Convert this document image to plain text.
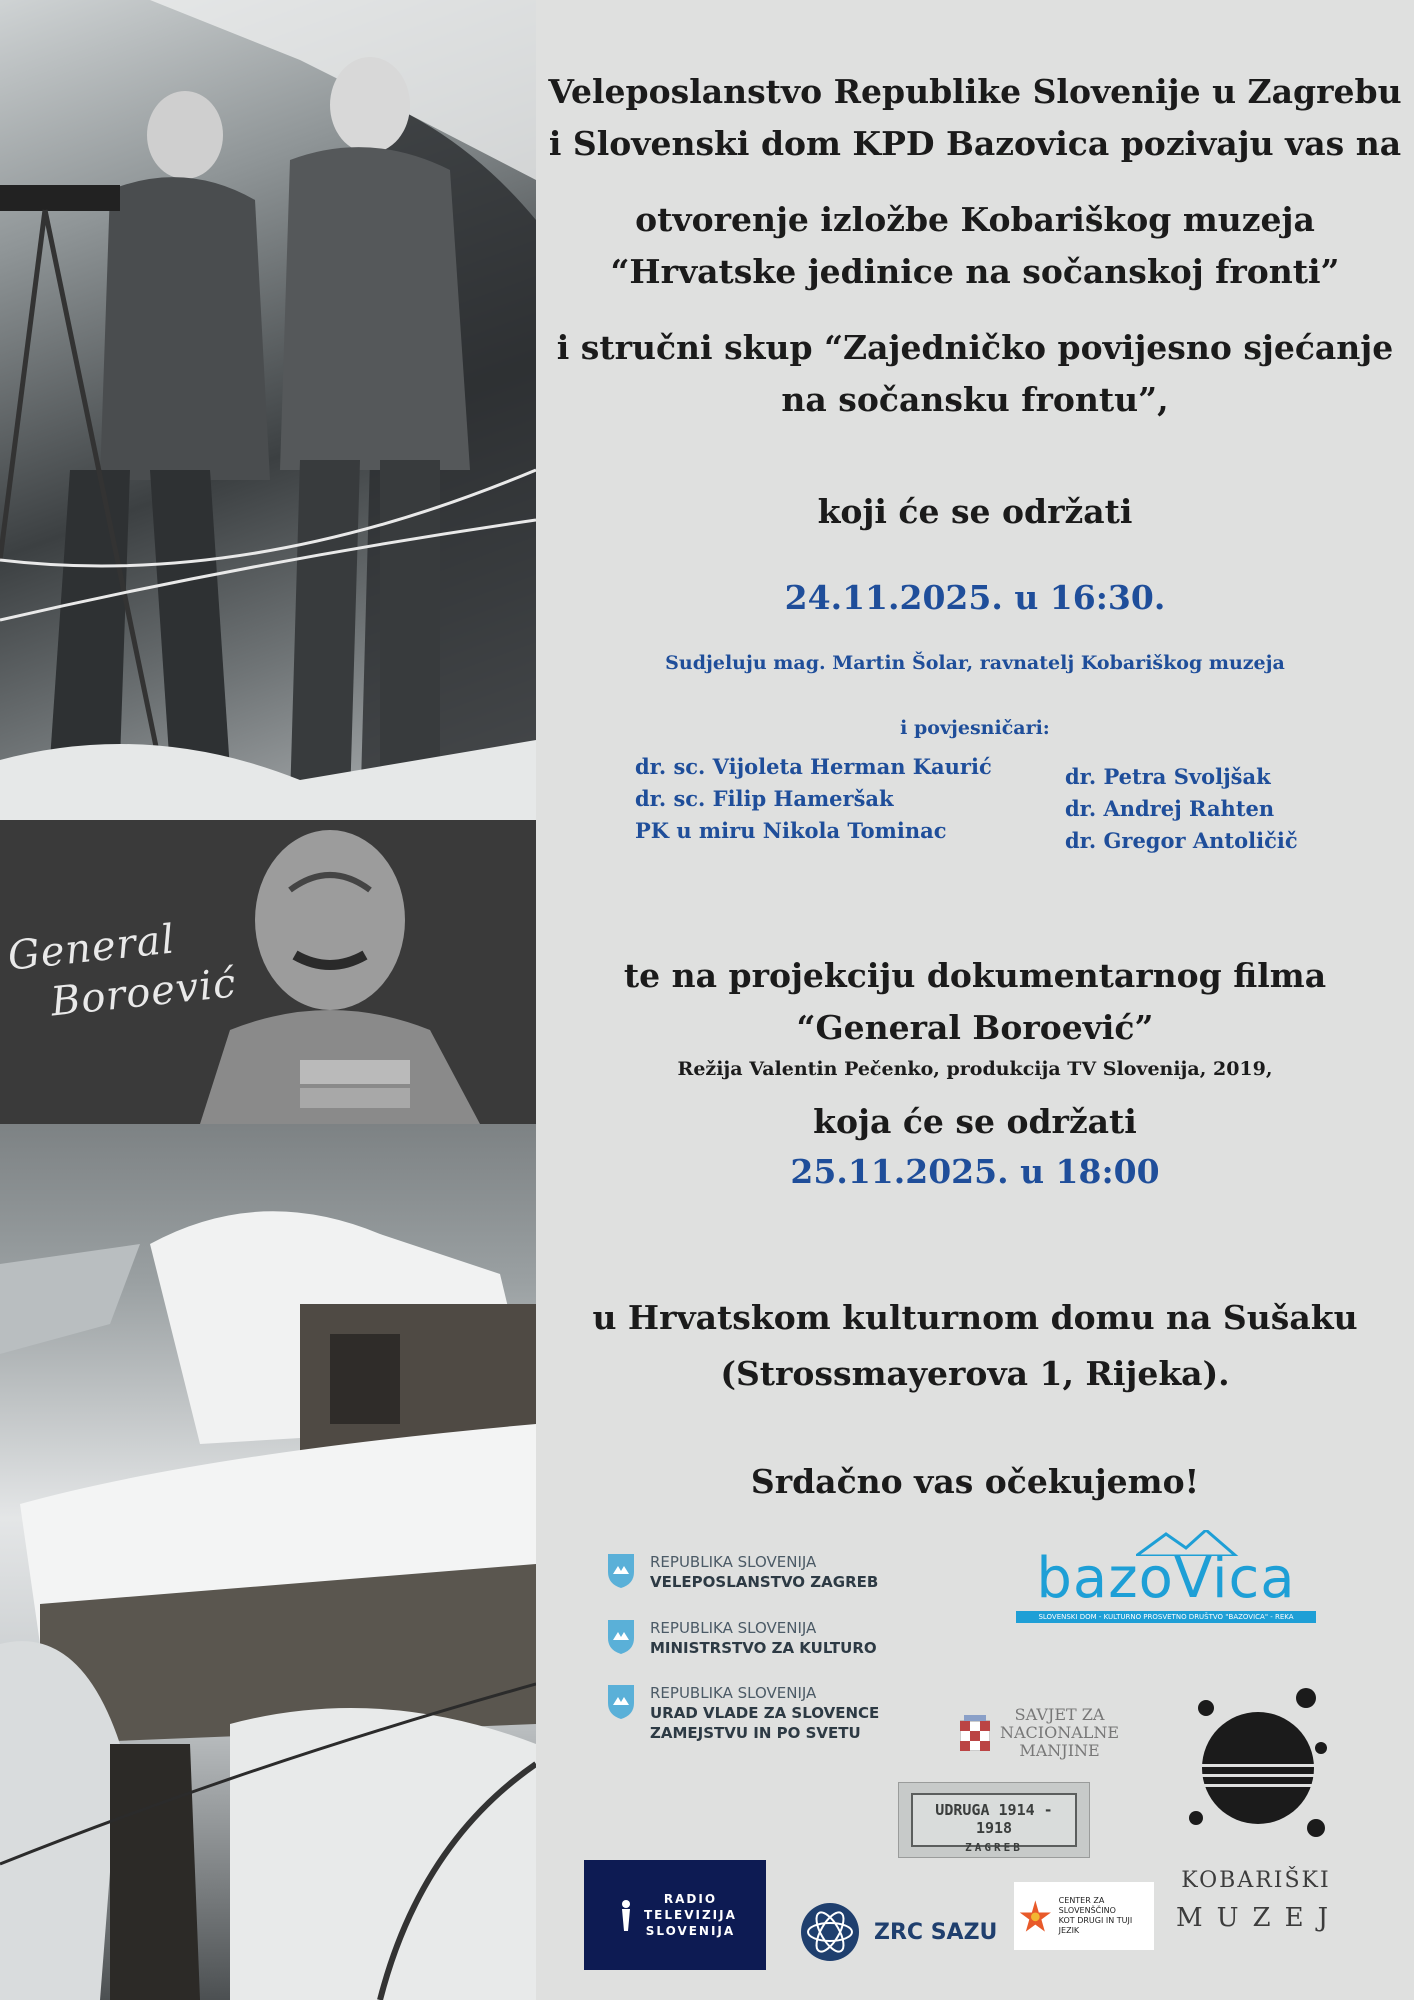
General
Boroević
Veleposlanstvo Republike Slovenije u Zagrebu
i Slovenski dom KPD Bazovica pozivaju vas na
otvorenje izložbe Kobariškog muzeja
“Hrvatske jedinice na sočanskoj fronti”
i stručni skup “Zajedničko povijesno sjećanje
na sočansku frontu”,
koji će se održati
24.11.2025. u 16:30.
Sudjeluju mag. Martin Šolar, ravnatelj Kobariškog muzeja
i povjesničari:
dr. sc. Vijoleta Herman Kaurić
dr. sc. Filip Hameršak
PK u miru Nikola Tominac
dr. Petra Svoljšak
dr. Andrej Rahten
dr. Gregor Antoličič
te na projekciju dokumentarnog filma
“General Boroević”
Režija Valentin Pečenko, produkcija TV Slovenija, 2019,
koja će se održati
25.11.2025. u 18:00
u Hrvatskom kulturnom domu na Sušaku
(Strossmayerova 1, Rijeka).
Srdačno vas očekujemo!
REPUBLIKA SLOVENIJA
VELEPOSLANSTVO ZAGREB
REPUBLIKA SLOVENIJA
MINISTRSTVO ZA KULTURO
REPUBLIKA SLOVENIJA
URAD VLADE ZA SLOVENCE
ZAMEJSTVU IN PO SVETU
bazoVica
SLOVENSKI DOM - KULTURNO PROSVETNO DRUŠTVO "BAZOVICA" - REKA
SAVJET ZA
NACIONALNE
MANJINE
UDRUGA 1914 - 1918
ZAGREB
KOBARIŠKI
MUZEJ
RADIO
TELEVIZIJA
SLOVENIJA	ZRC SAZU
CENTER ZA SLOVENŠČINO
KOT DRUGI IN TUJI JEZIK
